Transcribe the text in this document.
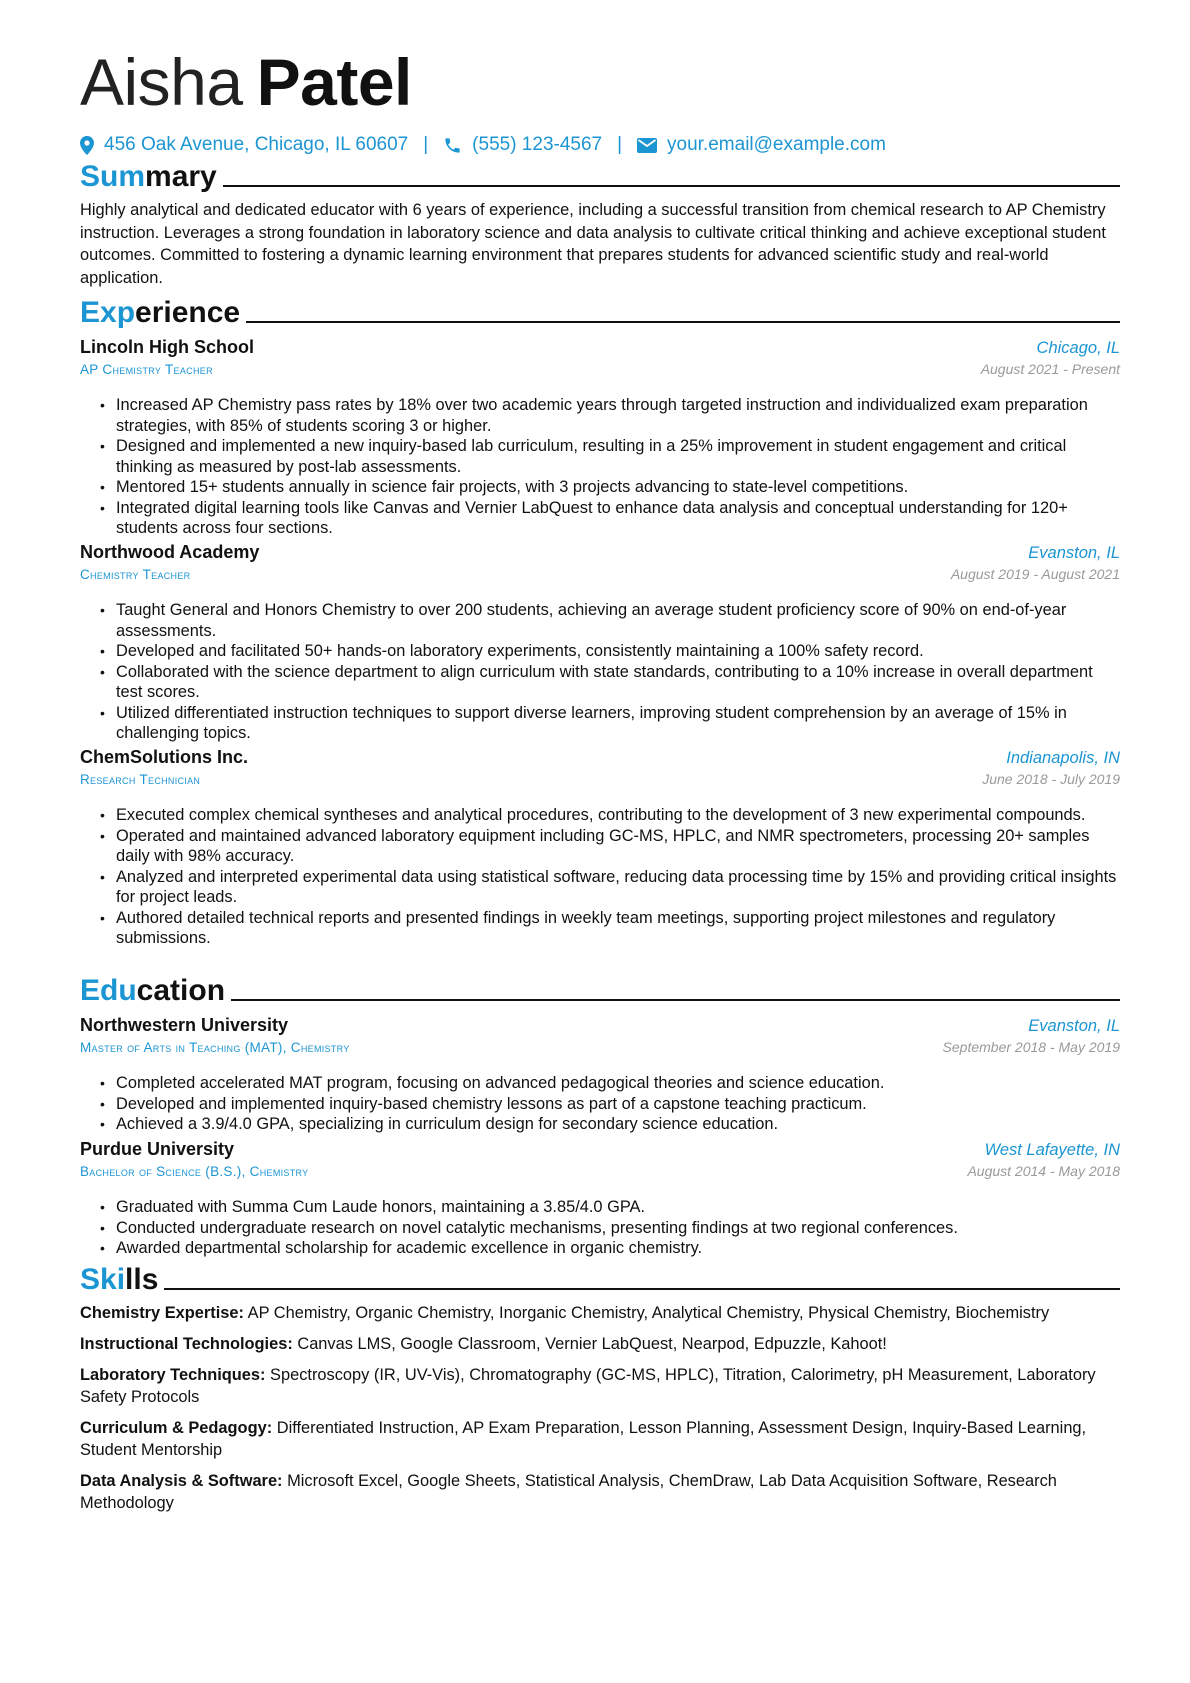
Aisha Patel
456 Oak Avenue, Chicago, IL 60607 | (555) 123-4567 | your.email@example.com
Summary
Highly analytical and dedicated educator with 6 years of experience, including a successful transition from chemical research to AP Chemistry instruction. Leverages a strong foundation in laboratory science and data analysis to cultivate critical thinking and achieve exceptional student outcomes. Committed to fostering a dynamic learning environment that prepares students for advanced scientific study and real-world application.
Experience
Lincoln High School	Chicago, IL
AP Chemistry Teacher	August 2021 - Present
• Increased AP Chemistry pass rates by 18% over two academic years through targeted instruction and individualized exam preparation strategies, with 85% of students scoring 3 or higher.
• Designed and implemented a new inquiry-based lab curriculum, resulting in a 25% improvement in student engagement and critical thinking as measured by post-lab assessments.
• Mentored 15+ students annually in science fair projects, with 3 projects advancing to state-level competitions.
• Integrated digital learning tools like Canvas and Vernier LabQuest to enhance data analysis and conceptual understanding for 120+ students across four sections.
Northwood Academy	Evanston, IL
Chemistry Teacher	August 2019 - August 2021
• Taught General and Honors Chemistry to over 200 students, achieving an average student proficiency score of 90% on end-of-year assessments.
• Developed and facilitated 50+ hands-on laboratory experiments, consistently maintaining a 100% safety record.
• Collaborated with the science department to align curriculum with state standards, contributing to a 10% increase in overall department test scores.
• Utilized differentiated instruction techniques to support diverse learners, improving student comprehension by an average of 15% in challenging topics.
ChemSolutions Inc.	Indianapolis, IN
Research Technician	June 2018 - July 2019
• Executed complex chemical syntheses and analytical procedures, contributing to the development of 3 new experimental compounds.
• Operated and maintained advanced laboratory equipment including GC-MS, HPLC, and NMR spectrometers, processing 20+ samples daily with 98% accuracy.
• Analyzed and interpreted experimental data using statistical software, reducing data processing time by 15% and providing critical insights for project leads.
• Authored detailed technical reports and presented findings in weekly team meetings, supporting project milestones and regulatory submissions.
Education
Northwestern University	Evanston, IL
Master of Arts in Teaching (MAT), Chemistry	September 2018 - May 2019
• Completed accelerated MAT program, focusing on advanced pedagogical theories and science education.
• Developed and implemented inquiry-based chemistry lessons as part of a capstone teaching practicum.
• Achieved a 3.9/4.0 GPA, specializing in curriculum design for secondary science education.
Purdue University	West Lafayette, IN
Bachelor of Science (B.S.), Chemistry	August 2014 - May 2018
• Graduated with Summa Cum Laude honors, maintaining a 3.85/4.0 GPA.
• Conducted undergraduate research on novel catalytic mechanisms, presenting findings at two regional conferences.
• Awarded departmental scholarship for academic excellence in organic chemistry.
Skills
Chemistry Expertise: AP Chemistry, Organic Chemistry, Inorganic Chemistry, Analytical Chemistry, Physical Chemistry, Biochemistry
Instructional Technologies: Canvas LMS, Google Classroom, Vernier LabQuest, Nearpod, Edpuzzle, Kahoot!
Laboratory Techniques: Spectroscopy (IR, UV-Vis), Chromatography (GC-MS, HPLC), Titration, Calorimetry, pH Measurement, Laboratory Safety Protocols
Curriculum & Pedagogy: Differentiated Instruction, AP Exam Preparation, Lesson Planning, Assessment Design, Inquiry-Based Learning, Student Mentorship
Data Analysis & Software: Microsoft Excel, Google Sheets, Statistical Analysis, ChemDraw, Lab Data Acquisition Software, Research Methodology
